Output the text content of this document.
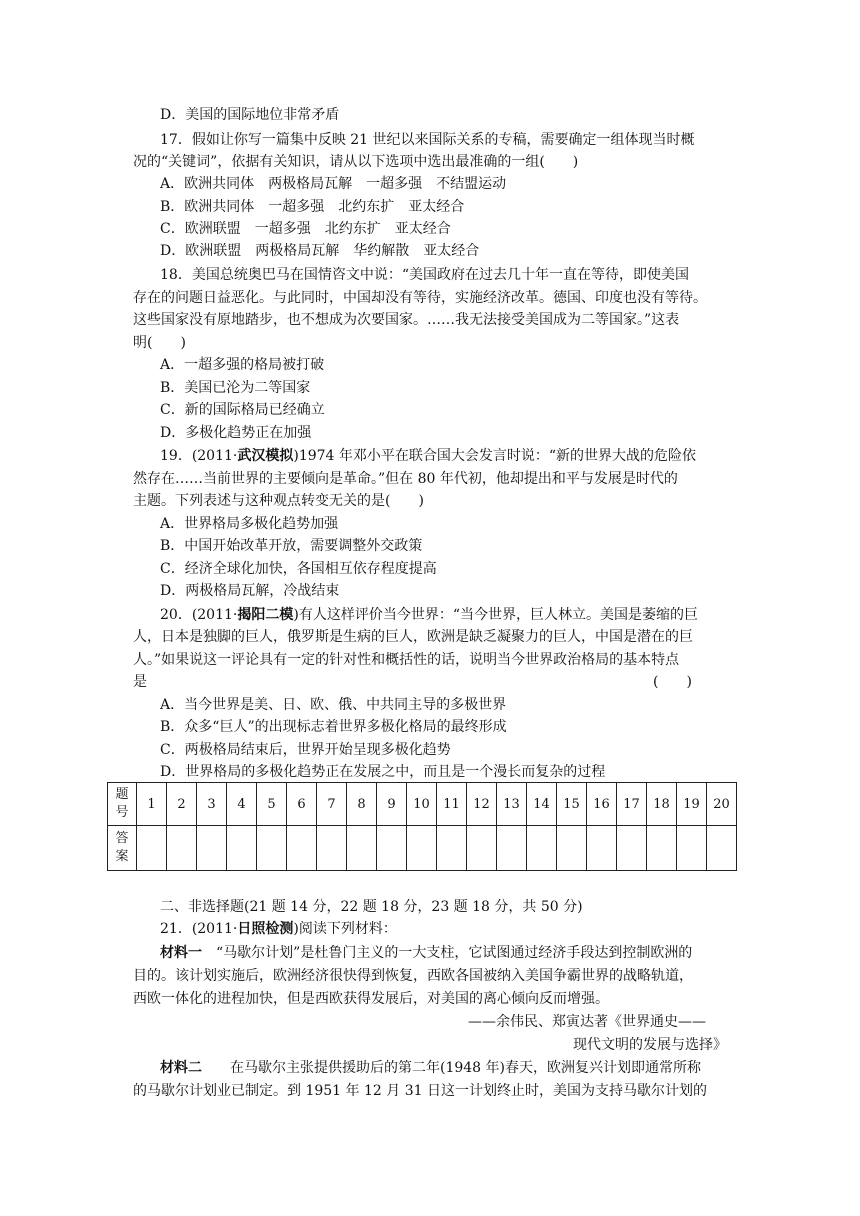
D．美国的国际地位非常矛盾
17．假如让你写一篇集中反映 21 世纪以来国际关系的专稿，需要确定一组体现当时概
况的“关键词”，依据有关知识，请从以下选项中选出最准确的一组(　　)
A．欧洲共同体　两极格局瓦解　一超多强　不结盟运动
B．欧洲共同体　一超多强　北约东扩　亚太经合
C．欧洲联盟　一超多强　北约东扩　亚太经合
D．欧洲联盟　两极格局瓦解　华约解散　亚太经合
18．美国总统奥巴马在国情咨文中说：“美国政府在过去几十年一直在等待，即使美国
存在的问题日益恶化。与此同时，中国却没有等待，实施经济改革。德国、印度也没有等待。
这些国家没有原地踏步，也不想成为次要国家。……我无法接受美国成为二等国家。”这表
明(　　)
A．一超多强的格局被打破
B．美国已沦为二等国家
C．新的国际格局已经确立
D．多极化趋势正在加强
19．(2011·武汉模拟)1974 年邓小平在联合国大会发言时说：“新的世界大战的危险依
然存在……当前世界的主要倾向是革命。”但在 80 年代初，他却提出和平与发展是时代的
主题。下列表述与这种观点转变无关的是(　　)
A．世界格局多极化趋势加强
B．中国开始改革开放，需要调整外交政策
C．经济全球化加快，各国相互依存程度提高
D．两极格局瓦解，冷战结束
20．(2011·揭阳二模)有人这样评价当今世界：“当今世界，巨人林立。美国是萎缩的巨
人，日本是独脚的巨人，俄罗斯是生病的巨人，欧洲是缺乏凝聚力的巨人，中国是潜在的巨
人。”如果说这一评论具有一定的针对性和概括性的话，说明当今世界政治格局的基本特点
是	(　　)
A．当今世界是美、日、欧、俄、中共同主导的多极世界
B．众多“巨人”的出现标志着世界多极化格局的最终形成
C．两极格局结束后，世界开始呈现多极化趋势
D．世界格局的多极化趋势正在发展之中，而且是一个漫长而复杂的过程
题
号	1	2	3	4	5	6	7	8	9	10	11	12	13	14	15	16	17	18	19	20
答
案																				
二、非选择题(21 题 14 分，22 题 18 分，23 题 18 分，共 50 分)
21．(2011·日照检测)阅读下列材料：
材料一　“马歇尔计划”是杜鲁门主义的一大支柱，它试图通过经济手段达到控制欧洲的
目的。该计划实施后，欧洲经济很快得到恢复，西欧各国被纳入美国争霸世界的战略轨道，
西欧一体化的进程加快，但是西欧获得发展后，对美国的离心倾向反而增强。
——余伟民、郑寅达著《世界通史——
现代文明的发展与选择》
材料二　　在马歇尔主张提供援助后的第二年(1948 年)春天，欧洲复兴计划即通常所称
的马歇尔计划业已制定。到 1951 年 12 月 31 日这一计划终止时，美国为支持马歇尔计划的
